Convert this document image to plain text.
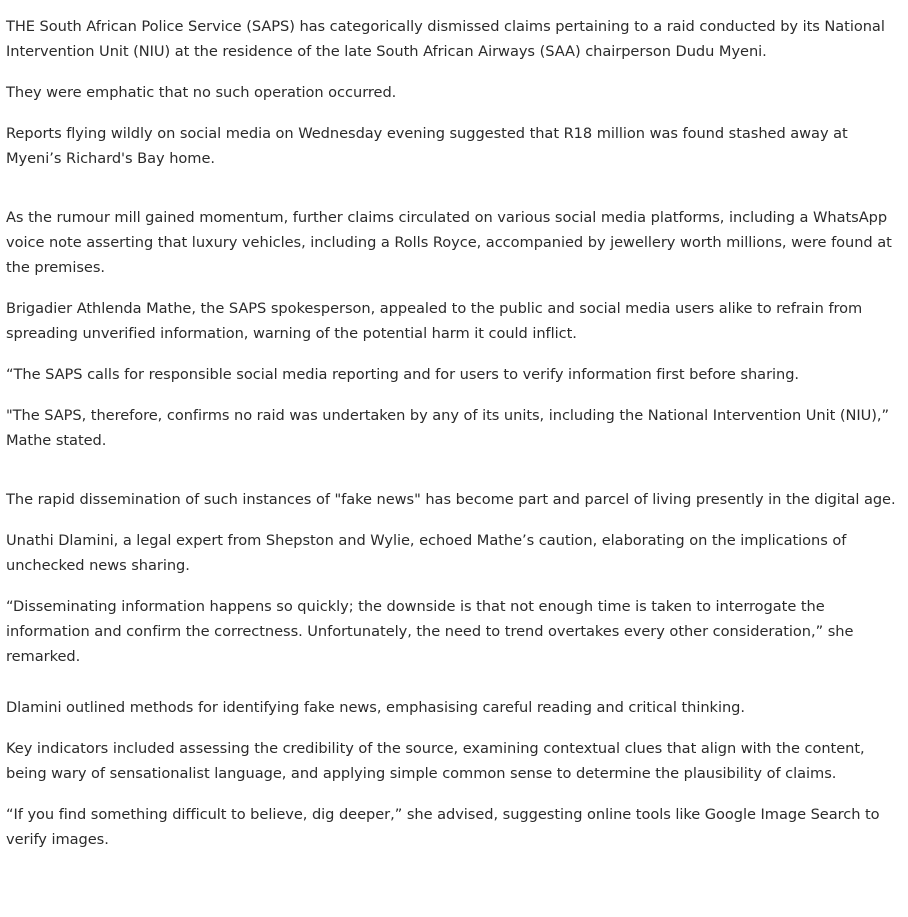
THE South African Police Service (SAPS) has categorically dismissed claims pertaining to a raid conducted by its National Intervention Unit (NIU) at the residence of the late South African Airways (SAA) chairperson Dudu Myeni.

They were emphatic that no such operation occurred.

Reports flying wildly on social media on Wednesday evening suggested that R18 million was found stashed away at Myeni’s Richard's Bay home.

As the rumour mill gained momentum, further claims circulated on various social media platforms, including a WhatsApp voice note asserting that luxury vehicles, including a Rolls Royce, accompanied by jewellery worth millions, were found at the premises.

Brigadier Athlenda Mathe, the SAPS spokesperson, appealed to the public and social media users alike to refrain from spreading unverified information, warning of the potential harm it could inflict.

“The SAPS calls for responsible social media reporting and for users to verify information first before sharing.

"The SAPS, therefore, confirms no raid was undertaken by any of its units, including the National Intervention Unit (NIU),” Mathe stated.

The rapid dissemination of such instances of "fake news" has become part and parcel of living presently in the digital age.

Unathi Dlamini, a legal expert from Shepston and Wylie, echoed Mathe’s caution, elaborating on the implications of unchecked news sharing.

“Disseminating information happens so quickly; the downside is that not enough time is taken to interrogate the information and confirm the correctness. Unfortunately, the need to trend overtakes every other consideration,” she remarked.

Dlamini outlined methods for identifying fake news, emphasising careful reading and critical thinking.

Key indicators included assessing the credibility of the source, examining contextual clues that align with the content, being wary of sensationalist language, and applying simple common sense to determine the plausibility of claims.

“If you find something difficult to believe, dig deeper,” she advised, suggesting online tools like Google Image Search to verify images.
